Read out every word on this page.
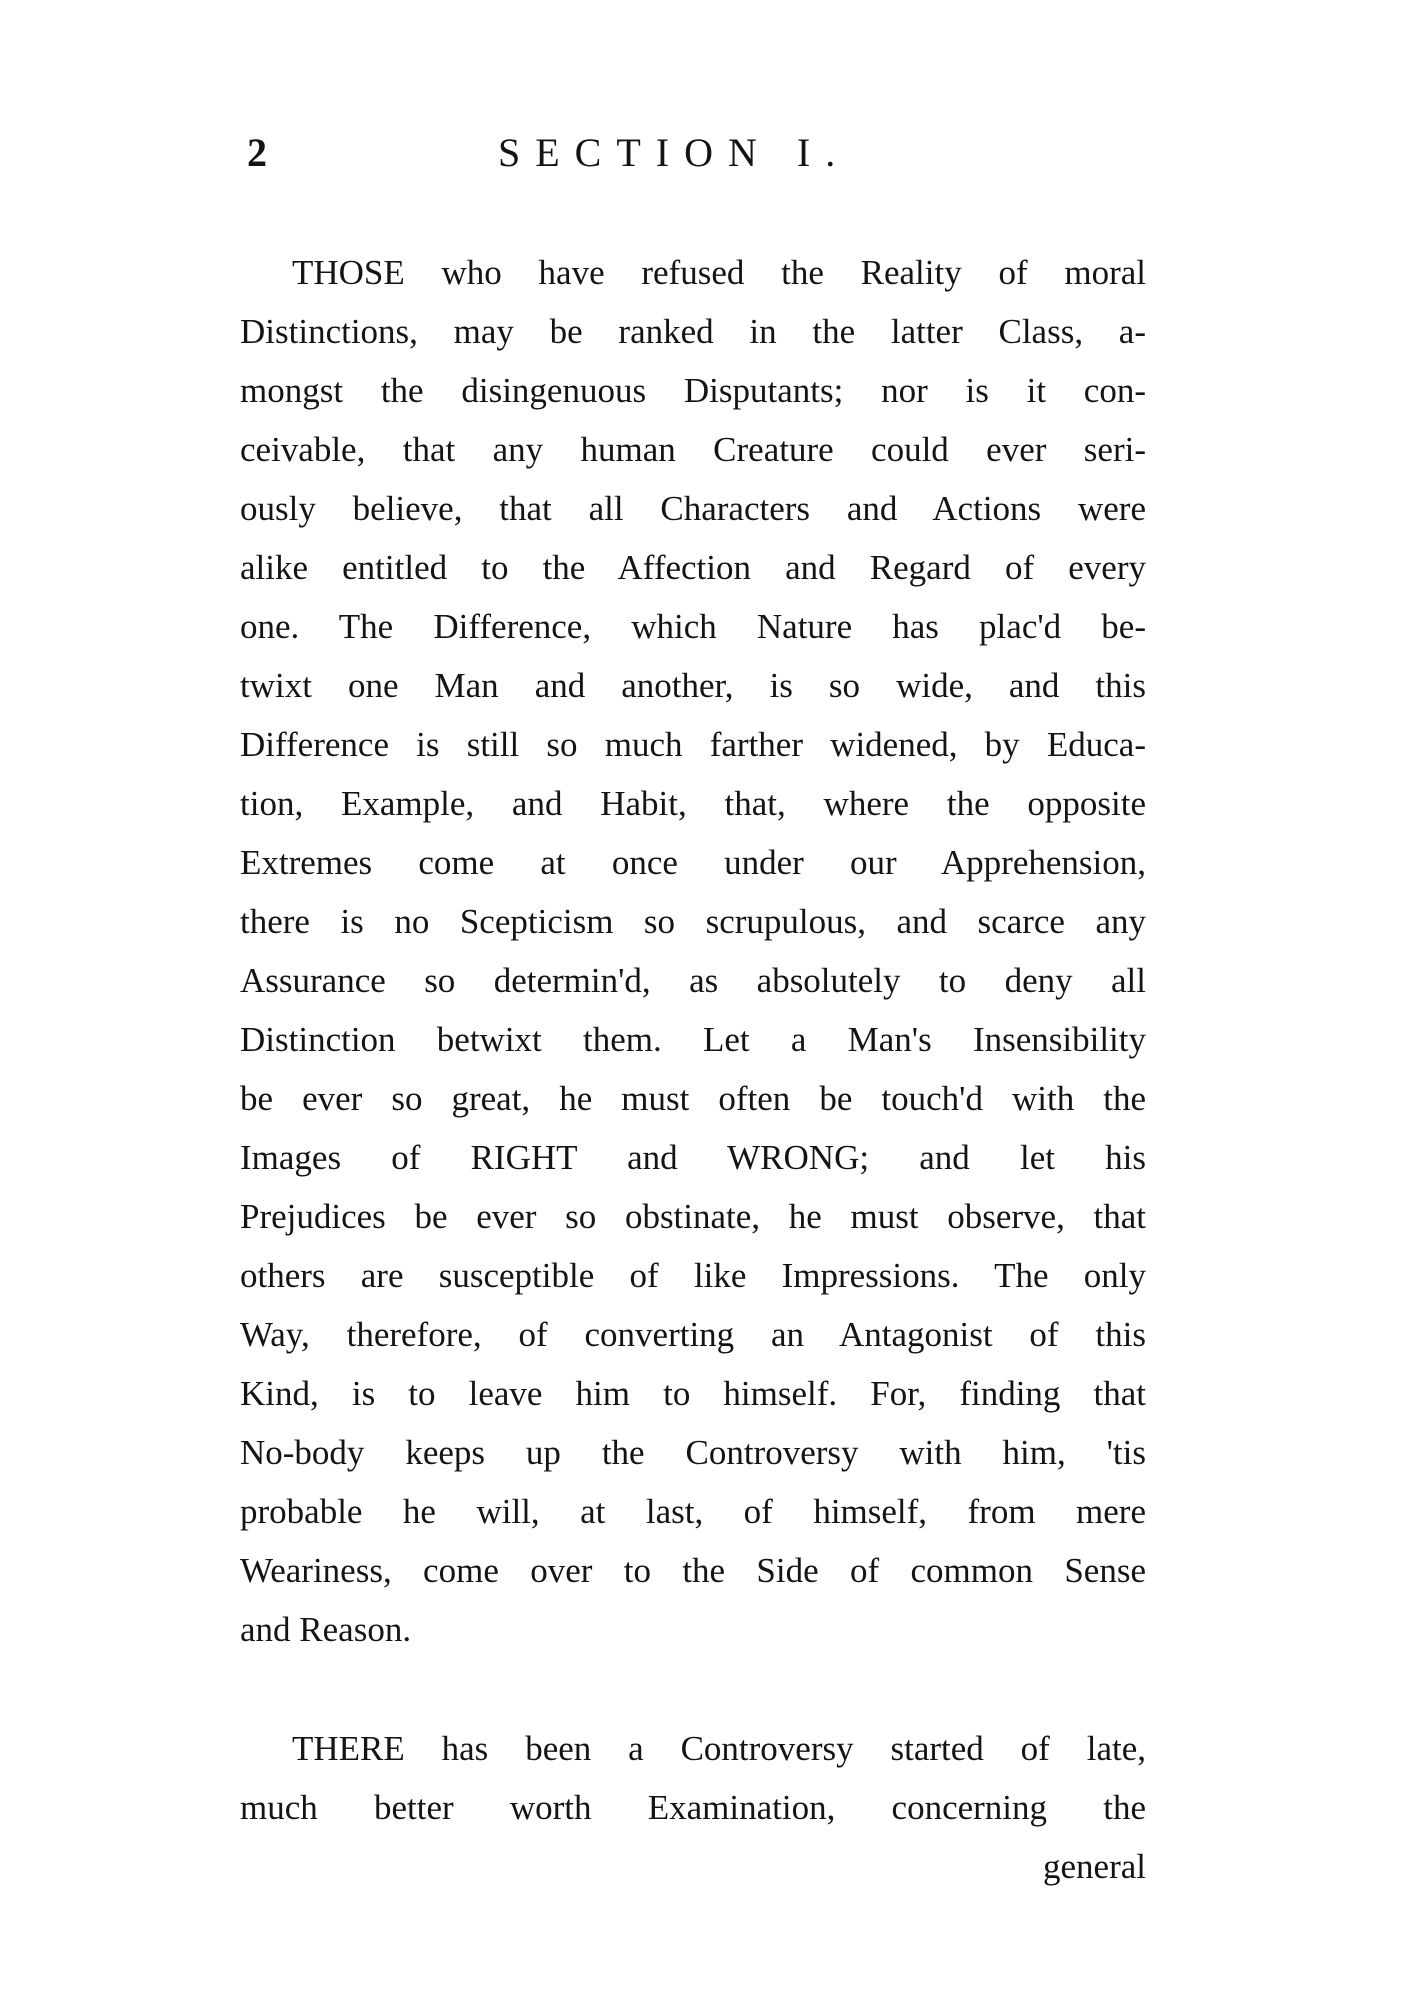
2	SECTION I.
THOSE who have refused the Reality of moral
Distinctions, may be ranked in the latter Class, a-
mongst the disingenuous Disputants; nor is it con-
ceivable, that any human Creature could ever seri-
ously believe, that all Characters and Actions were
alike entitled to the Affection and Regard of every
one. The Difference, which Nature has plac'd be-
twixt one Man and another, is so wide, and this
Difference is still so much farther widened, by Educa-
tion, Example, and Habit, that, where the opposite
Extremes come at once under our Apprehension,
there is no Scepticism so scrupulous, and scarce any
Assurance so determin'd, as absolutely to deny all
Distinction betwixt them. Let a Man's Insensibility
be ever so great, he must often be touch'd with the
Images of RIGHT and WRONG; and let his
Prejudices be ever so obstinate, he must observe, that
others are susceptible of like Impressions. The only
Way, therefore, of converting an Antagonist of this
Kind, is to leave him to himself. For, finding that
No-body keeps up the Controversy with him, 'tis
probable he will, at last, of himself, from mere
Weariness, come over to the Side of common Sense
and Reason.
THERE has been a Controversy started of late,
much better worth Examination, concerning the
general
